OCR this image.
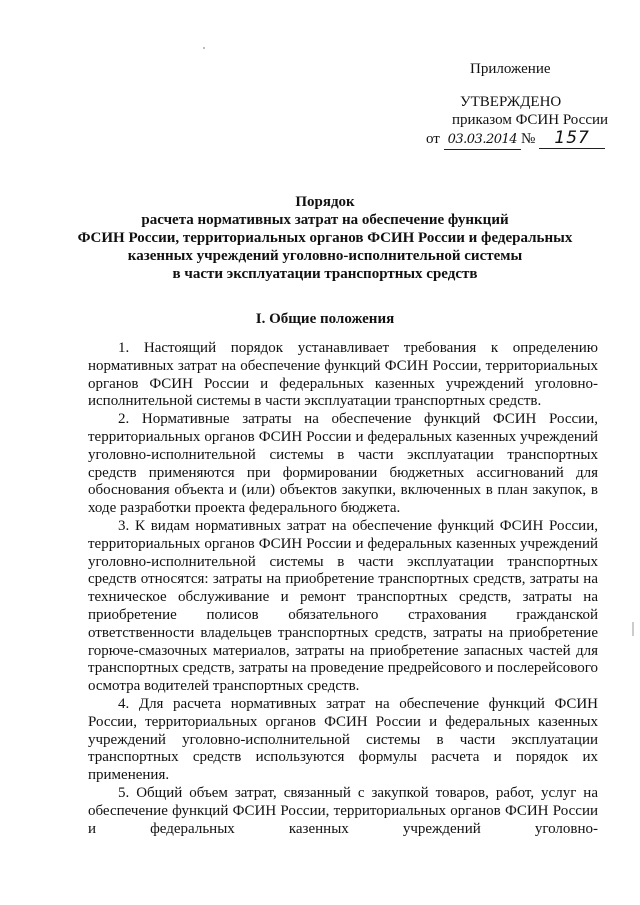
Приложение
УТВЕРЖДЕНО
приказом ФСИН России
от 03.03.2014 № 157
Порядок
расчета нормативных затрат на обеспечение функций
ФСИН России, территориальных органов ФСИН России и федеральных
казенных учреждений уголовно-исполнительной системы
в части эксплуатации транспортных средств
I. Общие положения

1. Настоящий порядок устанавливает требования к определению нормативных затрат на обеспечение функций ФСИН России, территориальных органов ФСИН России и федеральных казенных учреждений уголовно-исполнительной системы в части эксплуатации транспортных средств.

2. Нормативные затраты на обеспечение функций ФСИН России, территориальных органов ФСИН России и федеральных казенных учреждений уголовно-исполнительной системы в части эксплуатации транспортных средств применяются при формировании бюджетных ассигнований для обоснования объекта и (или) объектов закупки, включенных в план закупок, в ходе разработки проекта федерального бюджета.

3. К видам нормативных затрат на обеспечение функций ФСИН России, территориальных органов ФСИН России и федеральных казенных учреждений уголовно-исполнительной системы в части эксплуатации транспортных средств относятся: затраты на приобретение транспортных средств, затраты на техническое обслуживание и ремонт транспортных средств, затраты на приобретение полисов обязательного страхования гражданской ответственности владельцев транспортных средств, затраты на приобретение горюче-смазочных материалов, затраты на приобретение запасных частей для транспортных средств, затраты на проведение предрейсового и послерейсового осмотра водителей транспортных средств.

4. Для расчета нормативных затрат на обеспечение функций ФСИН России, территориальных органов ФСИН России и федеральных казенных учреждений уголовно-исполнительной системы в части эксплуатации транспортных средств используются формулы расчета и порядок их применения.

5. Общий объем затрат, связанный с закупкой товаров, работ, услуг на обеспечение функций ФСИН России, территориальных органов ФСИН России и федеральных казенных учреждений уголовно-
